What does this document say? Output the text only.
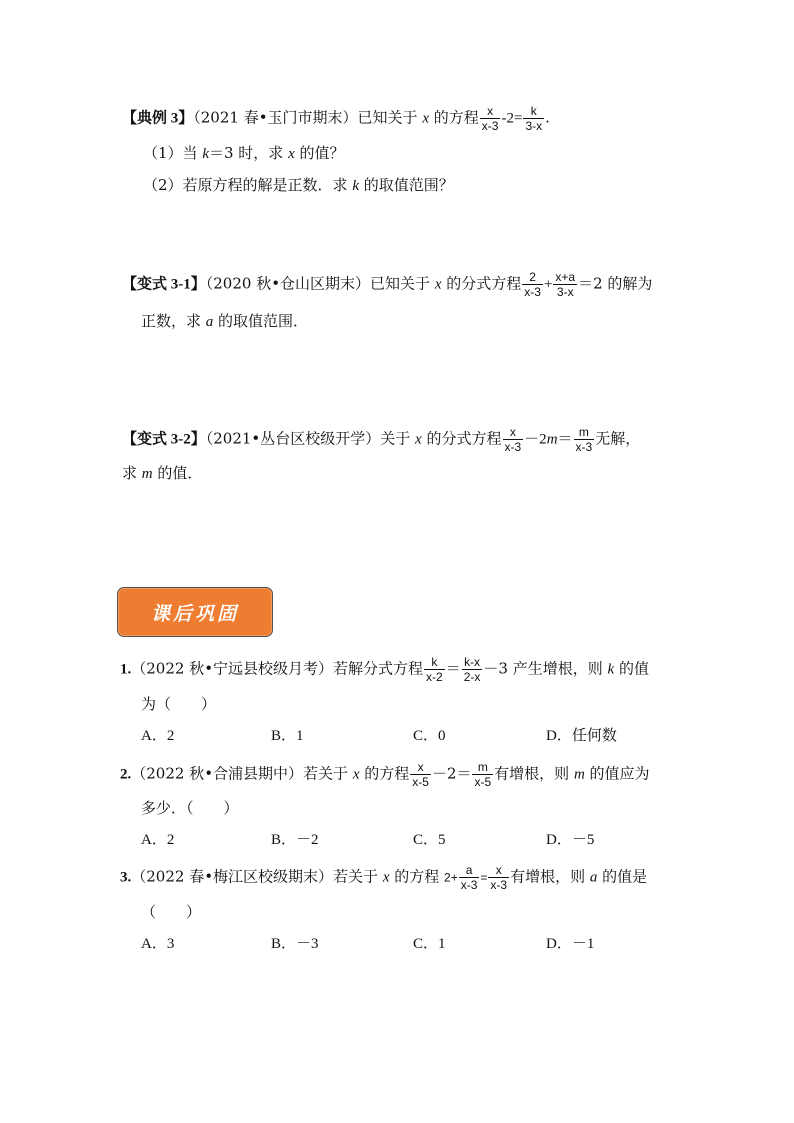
【典例 3】（2021 春•玉门市期末）已知关于 x 的方程 $\frac{x}{x-3} -2= \frac{k}{3-x}$ .
（1）当 k＝3 时，求 x 的值？
（2）若原方程的解是正数．求 k 的取值范围？
【变式 3-1】（2020 秋•仓山区期末）已知关于 x 的分式方程 $\frac{2}{x-3} + \frac{x+a}{3-x} =2$ 的解为
正数，求 a 的取值范围．
【变式 3-2】（2021•丛台区校级开学）关于 x 的分式方程 $\frac{x}{x-3} -2m= \frac{m}{x-3}$ 无解，
求 m 的值．
课后巩固
1.（2022 秋•宁远县校级月考）若解分式方程 $\frac{k}{x-2} = \frac{k-x}{2-x} -3$ 产生增根，则 k 的值
为（　　）
A．2	B．1	C．0	D．任何数
2.（2022 秋•合浦县期中）若关于 x 的方程 $\frac{x}{x-5} -2= \frac{m}{x-5}$ 有增根，则 m 的值应为
多少．（　　）
A．2	B．－2	C．5	D．－5
3.（2022 春•梅江区校级期末）若关于 x 的方程 $2+ \frac{a}{x-3} = \frac{x}{x-3}$ 有增根，则 a 的值是
（　　）
A．3	B．－3	C．1	D．－1
